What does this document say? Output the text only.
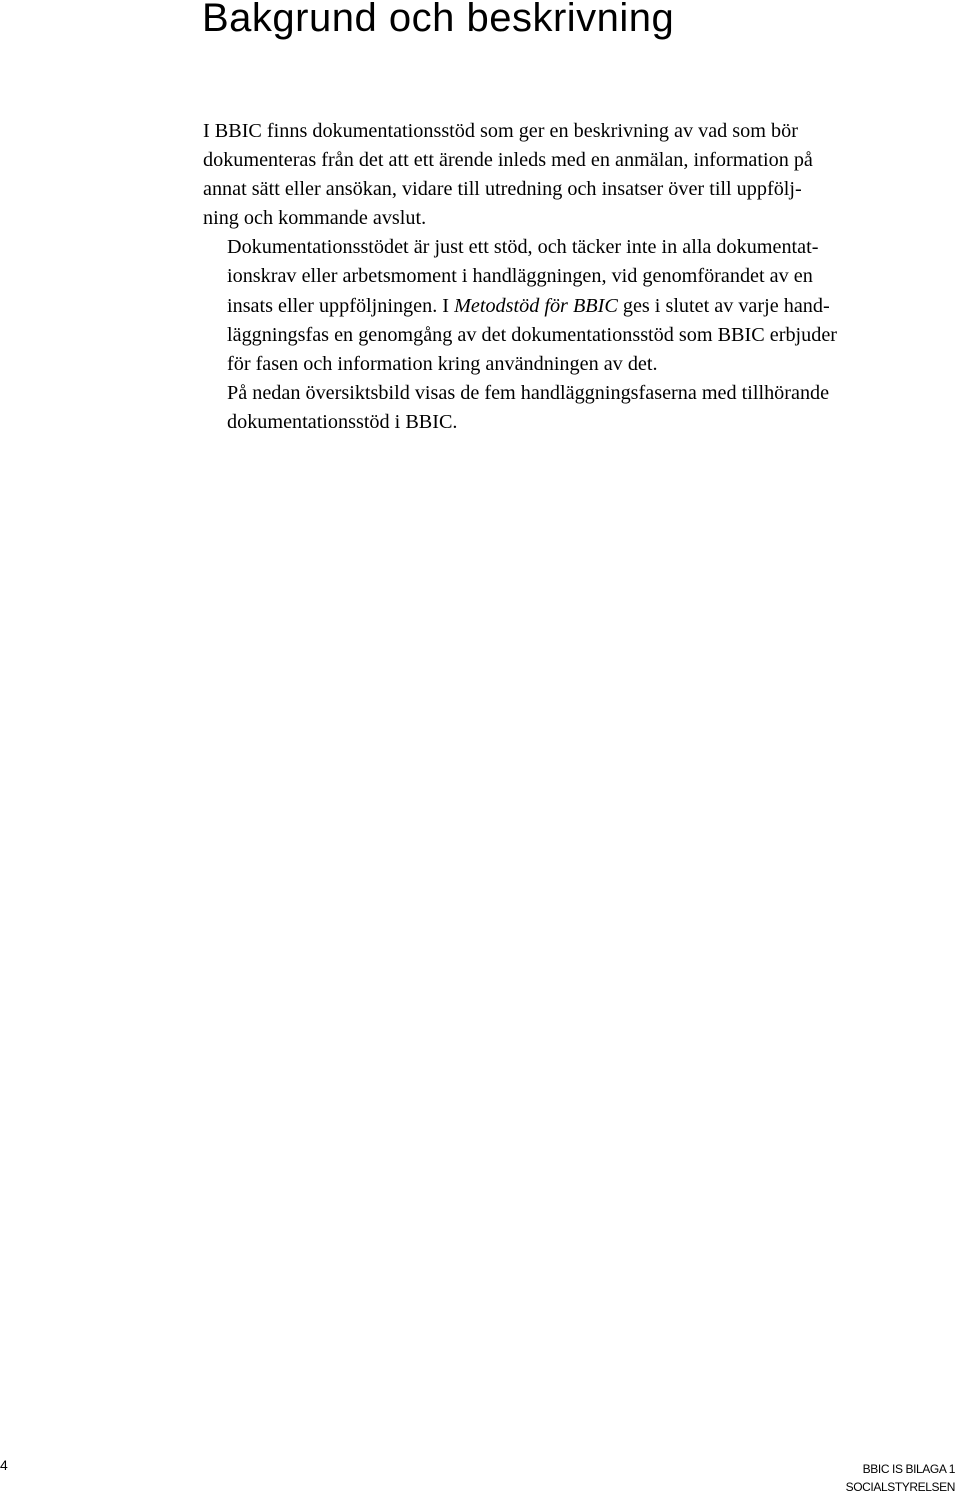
Bakgrund och beskrivning

I BBIC finns dokumentationsstöd som ger en beskrivning av vad som bör
dokumenteras från det att ett ärende inleds med en anmälan, information på
annat sätt eller ansökan, vidare till utredning och insatser över till uppfölj-
ning och kommande avslut.

Dokumentationsstödet är just ett stöd, och täcker inte in alla dokumentat-
ionskrav eller arbetsmoment i handläggningen, vid genomförandet av en
insats eller uppföljningen. I Metodstöd för BBIC ges i slutet av varje hand-
läggningsfas en genomgång av det dokumentationsstöd som BBIC erbjuder
för fasen och information kring användningen av det.

På nedan översiktsbild visas de fem handläggningsfaserna med tillhörande
dokumentationsstöd i BBIC.

4	BBIC IS BILAGA 1
SOCIALSTYRELSEN
